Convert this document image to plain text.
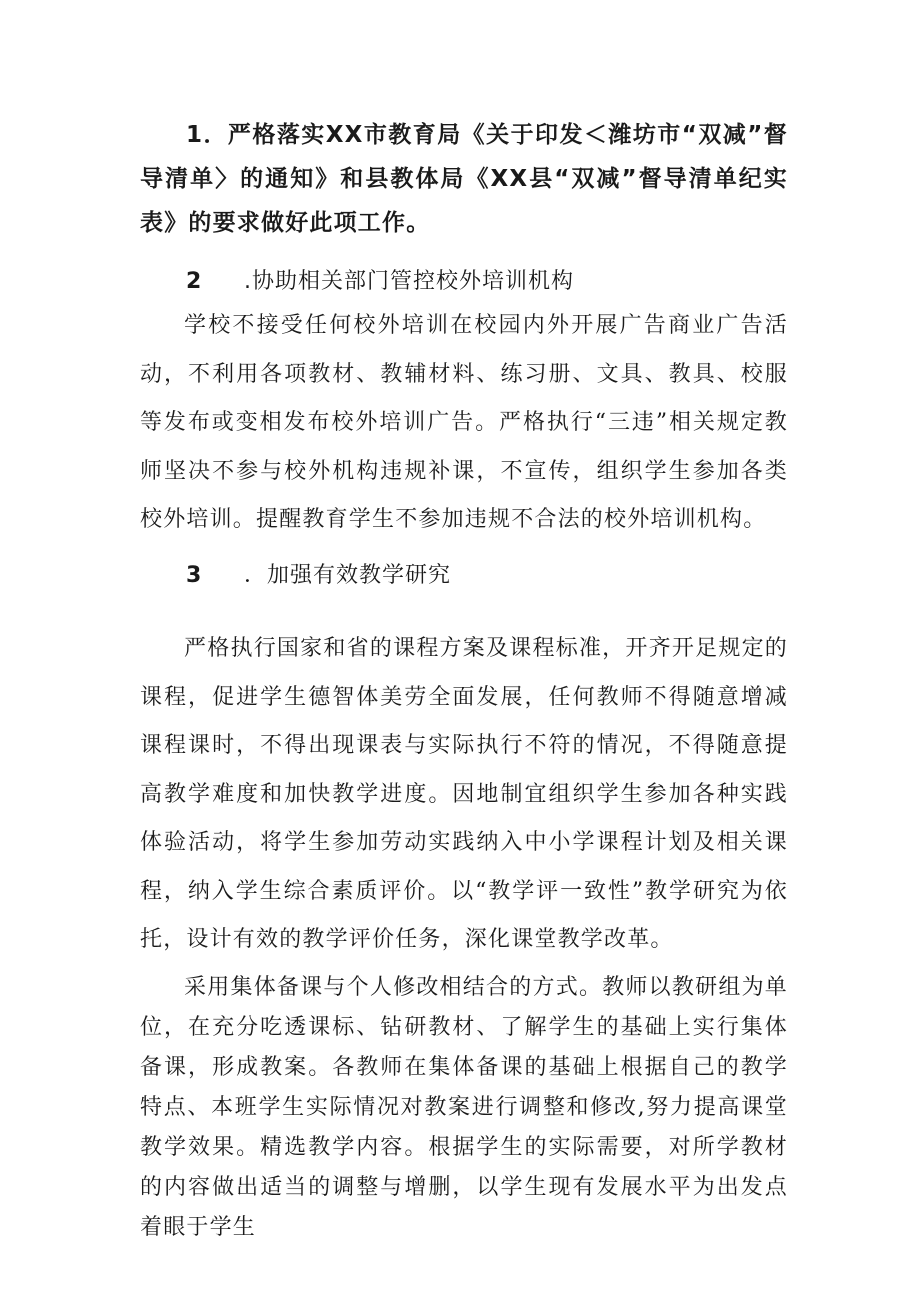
1．严格落实XX市教育局《关于印发＜潍坊市“双减”督导清单〉的通知》和县教体局《XX县“双减”督导清单纪实表》的要求做好此项工作。

2 .协助相关部门管控校外培训机构

学校不接受任何校外培训在校园内外开展广告商业广告活动，不利用各项教材、教辅材料、练习册、文具、教具、校服等发布或变相发布校外培训广告。严格执行“三违”相关规定教师坚决不参与校外机构违规补课，不宣传，组织学生参加各类校外培训。提醒教育学生不参加违规不合法的校外培训机构。

3 ．加强有效教学研究

严格执行国家和省的课程方案及课程标准，开齐开足规定的课程，促进学生德智体美劳全面发展，任何教师不得随意增减课程课时，不得出现课表与实际执行不符的情况，不得随意提高教学难度和加快教学进度。因地制宜组织学生参加各种实践体验活动，将学生参加劳动实践纳入中小学课程计划及相关课程，纳入学生综合素质评价。以“教学评一致性”教学研究为依托，设计有效的教学评价任务，深化课堂教学改革。

采用集体备课与个人修改相结合的方式。教师以教研组为单位，在充分吃透课标、钻研教材、了解学生的基础上实行集体备课，形成教案。各教师在集体备课的基础上根据自己的教学特点、本班学生实际情况对教案进行调整和修改,努力提高课堂教学效果。精选教学内容。根据学生的实际需要，对所学教材的内容做出适当的调整与增删，以学生现有发展水平为出发点着眼于学生
